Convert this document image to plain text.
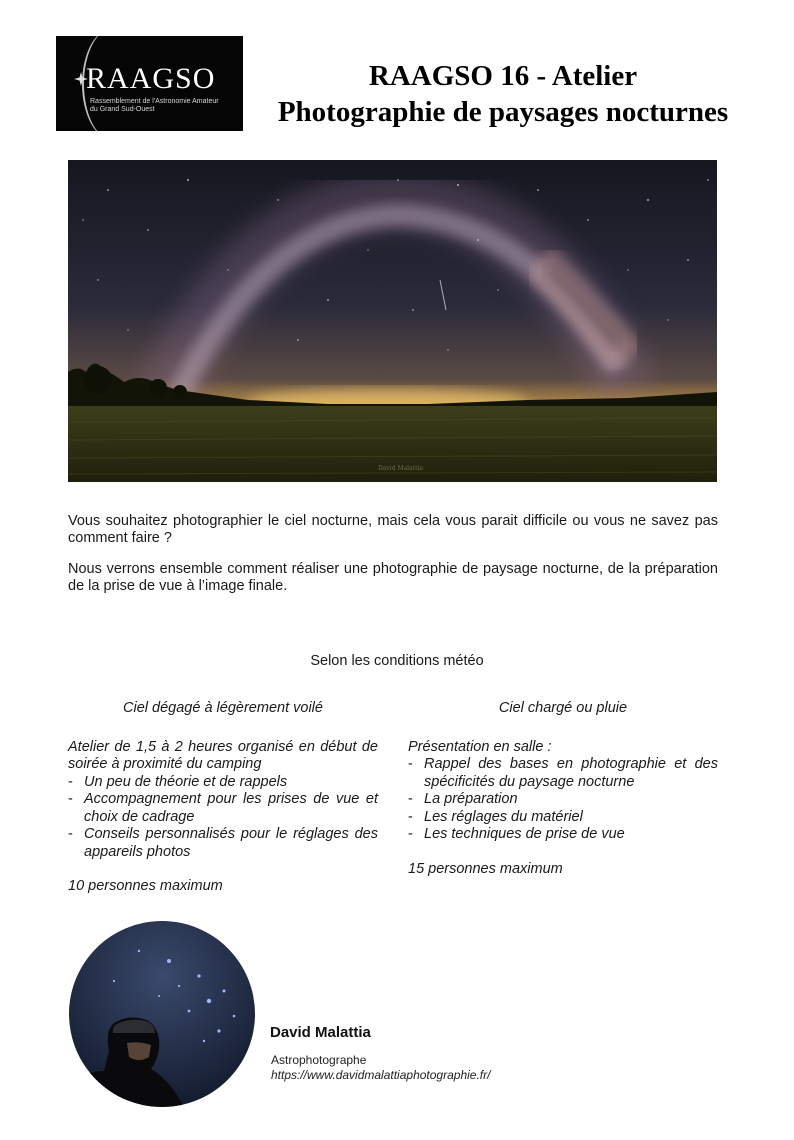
RAAGSO
Rassemblement de l'Astronomie Amateur
du Grand Sud-Ouest
RAAGSO 16 - Atelier
Photographie de paysages nocturnes
David Malattia
Vous souhaitez photographier le ciel nocturne, mais cela vous parait difficile ou vous ne savez pas comment faire ?
Nous verrons ensemble comment réaliser une photographie de paysage nocturne, de la préparation de la prise de vue à l’image finale.
Selon les conditions météo
Ciel dégagé à légèrement voilé
Atelier de 1,5 à 2 heures organisé en début de soirée à proximité du camping
- Un peu de théorie et de rappels
- Accompagnement pour les prises de vue et choix de cadrage
- Conseils personnalisés pour le réglages des appareils photos
10 personnes maximum
Ciel chargé ou pluie
Présentation en salle :
- Rappel des bases en photographie et des spécificités du paysage nocturne
- La préparation
- Les réglages du matériel
- Les techniques de prise de vue
15 personnes maximum
David Malattia
Astrophotographe
https://www.davidmalattiaphotographie.fr/
